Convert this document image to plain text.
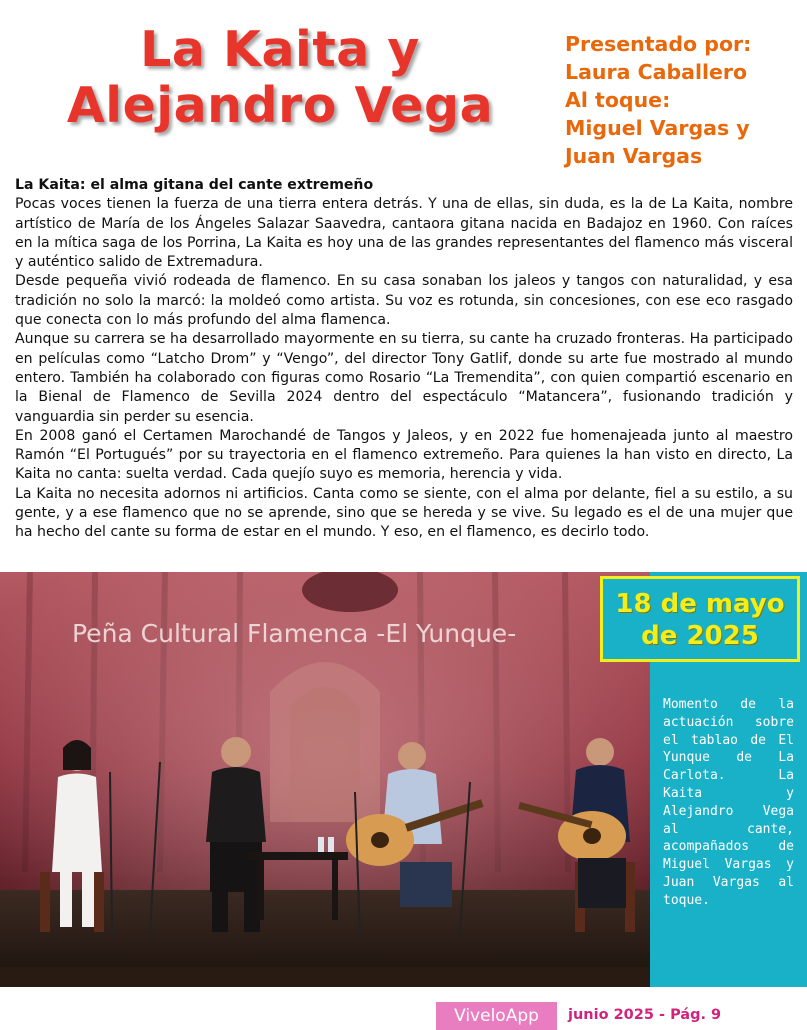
La Kaita y
Alejandro Vega
Presentado por:
Laura Caballero
Al toque:
Miguel Vargas y
Juan Vargas
La Kaita: el alma gitana del cante extremeño

Pocas voces tienen la fuerza de una tierra entera detrás. Y una de ellas, sin duda, es la de La Kaita, nombre artístico de María de los Ángeles Salazar Saavedra, cantaora gitana nacida en Badajoz en 1960. Con raíces en la mítica saga de los Porrina, La Kaita es hoy una de las grandes representantes del flamenco más visceral y auténtico salido de Extremadura.

Desde pequeña vivió rodeada de flamenco. En su casa sonaban los jaleos y tangos con naturalidad, y esa tradición no solo la marcó: la moldeó como artista. Su voz es rotunda, sin concesiones, con ese eco rasgado que conecta con lo más profundo del alma flamenca.

Aunque su carrera se ha desarrollado mayormente en su tierra, su cante ha cruzado fronteras. Ha participado en películas como “Latcho Drom” y “Vengo”, del director Tony Gatlif, donde su arte fue mostrado al mundo entero. También ha colaborado con figuras como Rosario “La Tremendita”, con quien compartió escenario en la Bienal de Flamenco de Sevilla 2024 dentro del espectáculo “Matancera”, fusionando tradición y vanguardia sin perder su esencia.

En 2008 ganó el Certamen Marochandé de Tangos y Jaleos, y en 2022 fue homenajeada junto al maestro Ramón “El Portugués” por su trayectoria en el flamenco extremeño. Para quienes la han visto en directo, La Kaita no canta: suelta verdad. Cada quejío suyo es memoria, herencia y vida.

La Kaita no necesita adornos ni artificios. Canta como se siente, con el alma por delante, fiel a su estilo, a su gente, y a ese flamenco que no se aprende, sino que se hereda y se vive. Su legado es el de una mujer que ha hecho del cante su forma de estar en el mundo. Y eso, en el flamenco, es decirlo todo.

Peña Cultural Flamenca -El Yunque-
18 de mayo
de 2025
Momento de la actuación sobre el tablao de El Yunque de La Carlota. La Kaita y Alejandro Vega al cante, acompañados de Miguel Vargas y Juan Vargas al toque.
ViveloApp	junio 2025 - Pág. 9
